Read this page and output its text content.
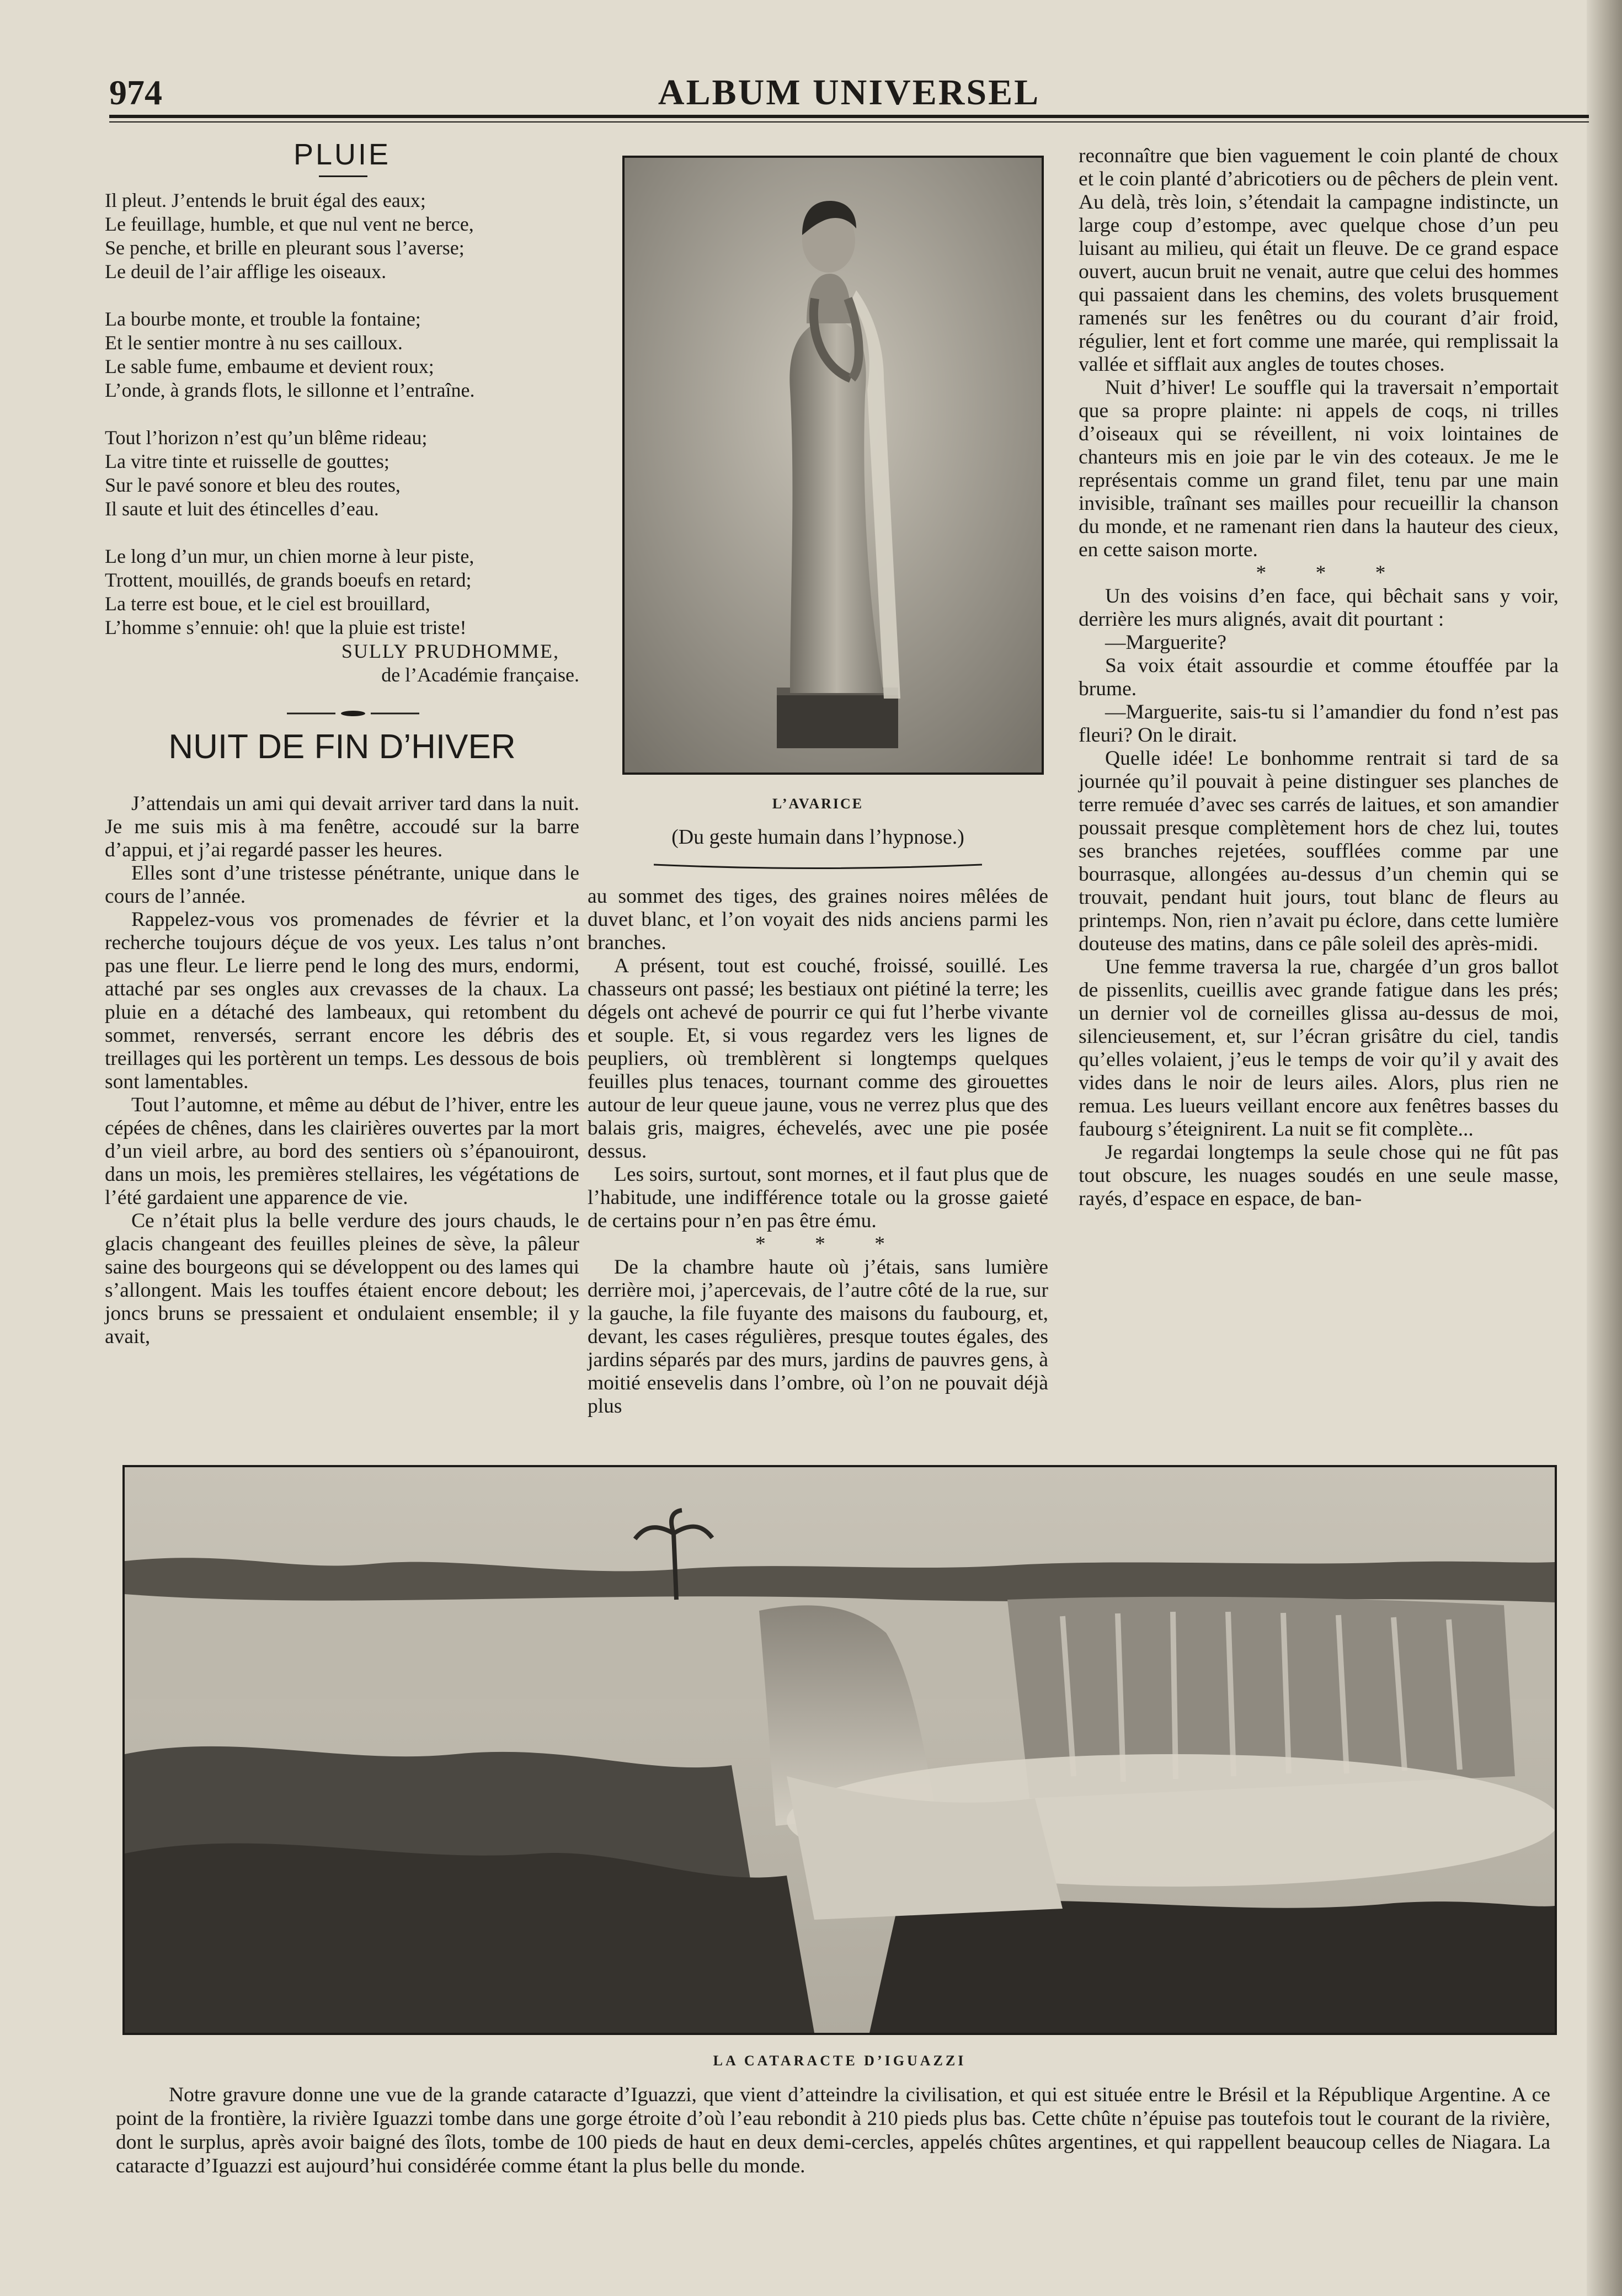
974	ALBUM UNIVERSEL
PLUIE
Il pleut. J’entends le bruit égal des eaux;
Le feuillage, humble, et que nul vent ne berce,
Se penche, et brille en pleurant sous l’averse;
Le deuil de l’air afflige les oiseaux.
La bourbe monte, et trouble la fontaine;
Et le sentier montre à nu ses cailloux.
Le sable fume, embaume et devient roux;
L’onde, à grands flots, le sillonne et l’entraîne.
Tout l’horizon n’est qu’un blême rideau;
La vitre tinte et ruisselle de gouttes;
Sur le pavé sonore et bleu des routes,
Il saute et luit des étincelles d’eau.
Le long d’un mur, un chien morne à leur piste,
Trottent, mouillés, de grands boeufs en retard;
La terre est boue, et le ciel est brouillard,
L’homme s’ennuie: oh! que la pluie est triste!
SULLY PRUDHOMME,
de l’Académie française.
NUIT DE FIN D’HIVER

J’attendais un ami qui devait arriver tard dans la nuit. Je me suis mis à ma fenêtre, accoudé sur la barre d’appui, et j’ai regardé passer les heures.

Elles sont d’une tristesse pénétrante, unique dans le cours de l’année.

Rappelez-vous vos promenades de février et la recherche toujours déçue de vos yeux. Les talus n’ont pas une fleur. Le lierre pend le long des murs, endormi, attaché par ses ongles aux crevasses de la chaux. La pluie en a détaché des lambeaux, qui retombent du sommet, renversés, serrant encore les débris des treillages qui les portèrent un temps. Les dessous de bois sont lamentables.

Tout l’automne, et même au début de l’hiver, entre les cépées de chênes, dans les clairières ouvertes par la mort d’un vieil arbre, au bord des sentiers où s’épanouiront, dans un mois, les premières stellaires, les végétations de l’été gardaient une apparence de vie.

Ce n’était plus la belle verdure des jours chauds, le glacis changeant des feuilles pleines de sève, la pâleur saine des bourgeons qui se développent ou des lames qui s’allongent. Mais les touffes étaient encore debout; les joncs bruns se pressaient et ondulaient ensemble; il y avait,

L’AVARICE
(Du geste humain dans l’hypnose.)

au sommet des tiges, des graines noires mêlées de duvet blanc, et l’on voyait des nids anciens parmi les branches.

A présent, tout est couché, froissé, souillé. Les chasseurs ont passé; les bestiaux ont piétiné la terre; les dégels ont achevé de pourrir ce qui fut l’herbe vivante et souple. Et, si vous regardez vers les lignes de peupliers, où tremblèrent si longtemps quelques feuilles plus tenaces, tournant comme des girouettes autour de leur queue jaune, vous ne verrez plus que des balais gris, maigres, échevelés, avec une pie posée dessus.

Les soirs, surtout, sont mornes, et il faut plus que de l’habitude, une indifférence totale ou la grosse gaieté de certains pour n’en pas être ému.

* * *

De la chambre haute où j’étais, sans lumière derrière moi, j’apercevais, de l’autre côté de la rue, sur la gauche, la file fuyante des maisons du faubourg, et, devant, les cases régulières, presque toutes égales, des jardins séparés par des murs, jardins de pauvres gens, à moitié ensevelis dans l’ombre, où l’on ne pouvait déjà plus

reconnaître que bien vaguement le coin planté de choux et le coin planté d’abricotiers ou de pêchers de plein vent. Au delà, très loin, s’étendait la campagne indistincte, un large coup d’estompe, avec quelque chose d’un peu luisant au milieu, qui était un fleuve. De ce grand espace ouvert, aucun bruit ne venait, autre que celui des hommes qui passaient dans les chemins, des volets brusquement ramenés sur les fenêtres ou du courant d’air froid, régulier, lent et fort comme une marée, qui remplissait la vallée et sifflait aux angles de toutes choses.

Nuit d’hiver! Le souffle qui la traversait n’emportait que sa propre plainte: ni appels de coqs, ni trilles d’oiseaux qui se réveillent, ni voix lointaines de chanteurs mis en joie par le vin des coteaux. Je me le représentais comme un grand filet, tenu par une main invisible, traînant ses mailles pour recueillir la chanson du monde, et ne ramenant rien dans la hauteur des cieux, en cette saison morte.

* * *

Un des voisins d’en face, qui bêchait sans y voir, derrière les murs alignés, avait dit pourtant :

—Marguerite?

Sa voix était assourdie et comme étouffée par la brume.

—Marguerite, sais-tu si l’amandier du fond n’est pas fleuri? On le dirait.

Quelle idée! Le bonhomme rentrait si tard de sa journée qu’il pouvait à peine distinguer ses planches de terre remuée d’avec ses carrés de laitues, et son amandier poussait presque complètement hors de chez lui, toutes ses branches rejetées, soufflées comme par une bourrasque, allongées au-dessus d’un chemin qui se trouvait, pendant huit jours, tout blanc de fleurs au printemps. Non, rien n’avait pu éclore, dans cette lumière douteuse des matins, dans ce pâle soleil des après-midi.

Une femme traversa la rue, chargée d’un gros ballot de pissenlits, cueillis avec grande fatigue dans les prés; un dernier vol de corneilles glissa au-dessus de moi, silencieusement, et, sur l’écran grisâtre du ciel, tandis qu’elles volaient, j’eus le temps de voir qu’il y avait des vides dans le noir de leurs ailes. Alors, plus rien ne remua. Les lueurs veillant encore aux fenêtres basses du faubourg s’éteignirent. La nuit se fit complète...

Je regardai longtemps la seule chose qui ne fût pas tout obscure, les nuages soudés en une seule masse, rayés, d’espace en espace, de ban-

LA CATARACTE D’IGUAZZI

Notre gravure donne une vue de la grande cataracte d’Iguazzi, que vient d’atteindre la civilisation, et qui est située entre le Brésil et la République Argentine. A ce point de la frontière, la rivière Iguazzi tombe dans une gorge étroite d’où l’eau rebondit à 210 pieds plus bas. Cette chûte n’épuise pas toutefois tout le courant de la rivière, dont le surplus, après avoir baigné des îlots, tombe de 100 pieds de haut en deux demi-cercles, appelés chûtes argentines, et qui rappellent beaucoup celles de Niagara. La cataracte d’Iguazzi est aujourd’hui considérée comme étant la plus belle du monde.
